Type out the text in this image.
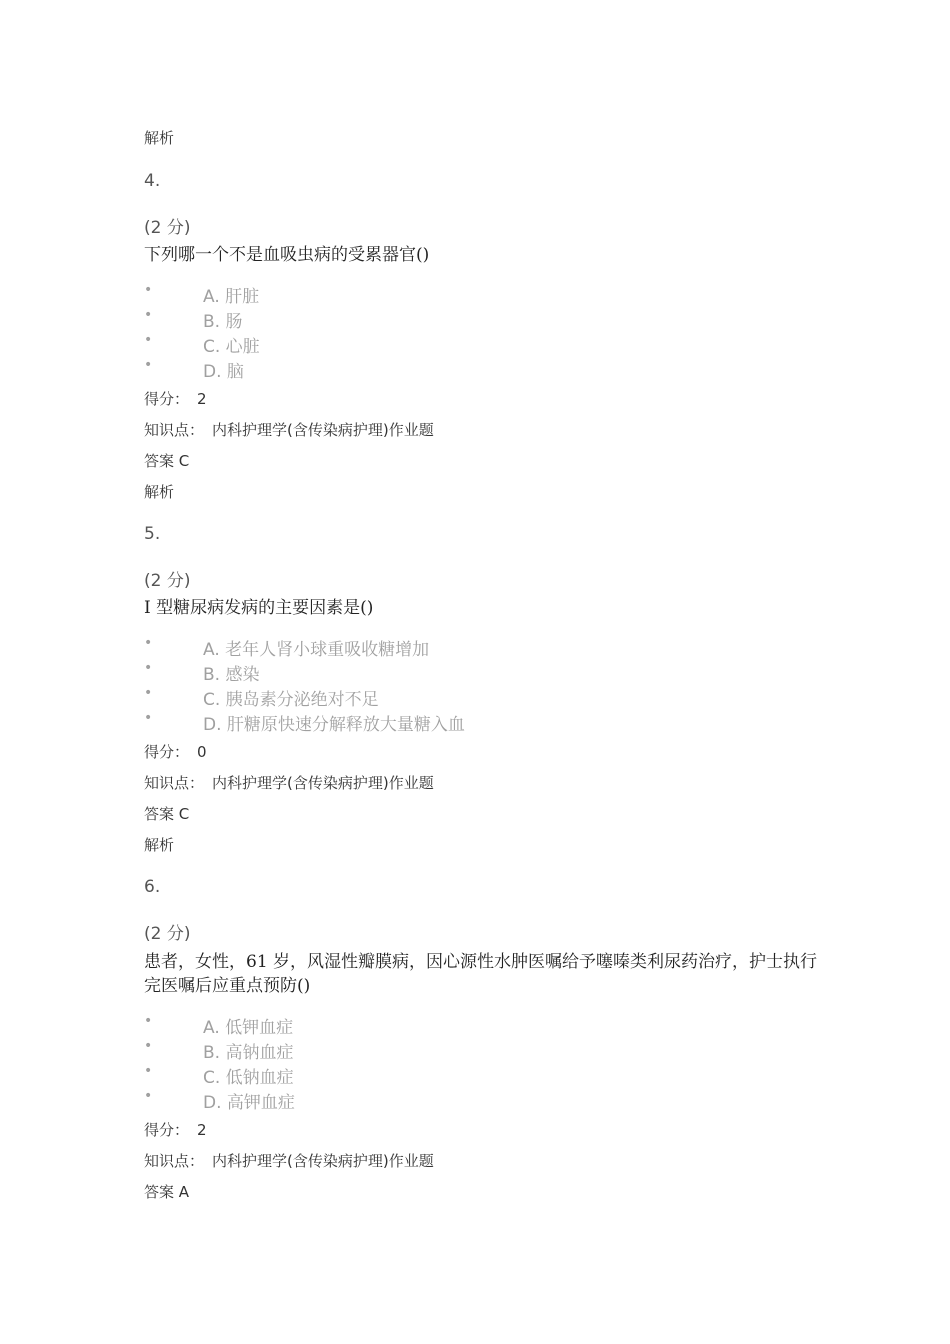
解析
4.
(2 分)
下列哪一个不是血吸虫病的受累器官()
•	A. 肝脏
•	B. 肠
•	C. 心脏
•	D. 脑
得分： 2
知识点： 内科护理学(含传染病护理)作业题
答案 C
解析
5.
(2 分)
I 型糖尿病发病的主要因素是()
•	A. 老年人肾小球重吸收糖增加
•	B. 感染
•	C. 胰岛素分泌绝对不足
•	D. 肝糖原快速分解释放大量糖入血
得分： 0
知识点： 内科护理学(含传染病护理)作业题
答案 C
解析
6.
(2 分)
患者，女性，61 岁，风湿性瓣膜病，因心源性水肿医嘱给予噻嗪类利尿药治疗，护士执行完医嘱后应重点预防()
•	A. 低钾血症
•	B. 高钠血症
•	C. 低钠血症
•	D. 高钾血症
得分： 2
知识点： 内科护理学(含传染病护理)作业题
答案 A
